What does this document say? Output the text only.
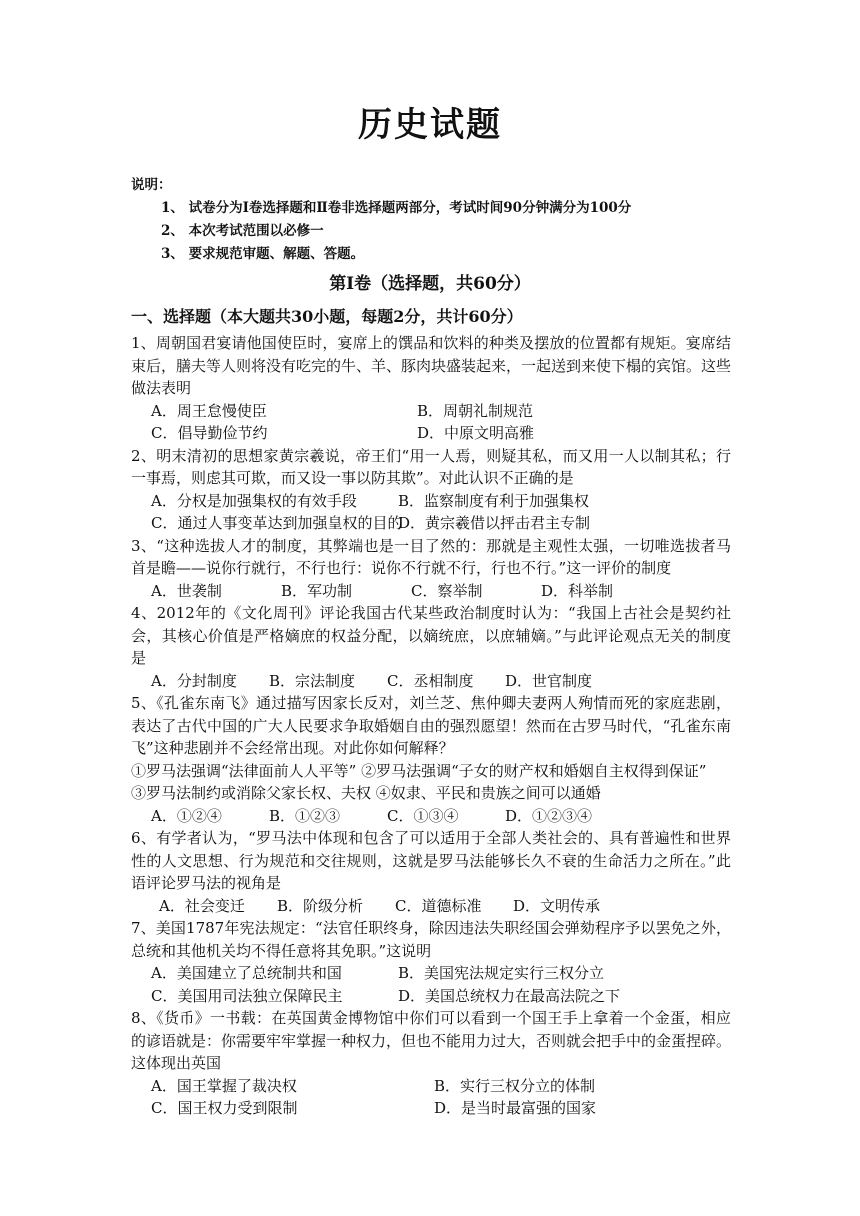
历史试题
说明：
1、 试卷分为Ⅰ卷选择题和Ⅱ卷非选择题两部分，考试时间90分钟满分为100分
2、 本次考试范围以必修一
3、 要求规范审题、解题、答题。
第Ⅰ卷（选择题，共60分）
一、选择题（本大题共30小题，每题2分，共计60分）
1、周朝国君宴请他国使臣时，宴席上的馔品和饮料的种类及摆放的位置都有规矩。宴席结束后，膳夫等人则将没有吃完的牛、羊、豚肉块盛装起来，一起送到来使下榻的宾馆。这些做法表明
A．周王怠慢使臣	B．周朝礼制规范
C．倡导勤俭节约	D．中原文明高雅
2、明末清初的思想家黄宗羲说，帝王们“用一人焉，则疑其私，而又用一人以制其私；行一事焉，则虑其可欺，而又设一事以防其欺”。对此认识不正确的是
A．分权是加强集权的有效手段	B．监察制度有利于加强集权
C．通过人事变革达到加强皇权的目的D．黄宗羲借以抨击君主专制
3、“这种选拔人才的制度，其弊端也是一目了然的：那就是主观性太强，一切唯选拔者马首是瞻——说你行就行，不行也行：说你不行就不行，行也不行。”这一评价的制度
A．世袭制	B．军功制	C．察举制	D．科举制
4、2012年的《文化周刊》评论我国古代某些政治制度时认为：“我国上古社会是契约社会，其核心价值是严格嫡庶的权益分配，以嫡统庶，以庶辅嫡。”与此评论观点无关的制度是
A．分封制度 B．宗法制度 C．丞相制度 D．世官制度
5、《孔雀东南飞》通过描写因家长反对，刘兰芝、焦仲卿夫妻两人殉情而死的家庭悲剧，表达了古代中国的广大人民要求争取婚姻自由的强烈愿望！然而在古罗马时代，“孔雀东南飞”这种悲剧并不会经常出现。对此你如何解释？
①罗马法强调“法律面前人人平等” ②罗马法强调“子女的财产权和婚姻自主权得到保证”
③罗马法制约或消除父家长权、夫权 ④奴隶、平民和贵族之间可以通婚
A．①②④	B．①②③	C．①③④	D．①②③④
6、有学者认为，“罗马法中体现和包含了可以适用于全部人类社会的、具有普遍性和世界性的人文思想、行为规范和交往规则，这就是罗马法能够长久不衰的生命活力之所在。”此语评论罗马法的视角是
A．社会变迁 B．阶级分析 C．道德标准 D．文明传承
7、美国1787年宪法规定：“法官任职终身，除因违法失职经国会弹劾程序予以罢免之外，总统和其他机关均不得任意将其免职。”这说明
A．美国建立了总统制共和国	B．美国宪法规定实行三权分立
C．美国用司法独立保障民主	D．美国总统权力在最高法院之下
8、《货币》一书载：在英国黄金博物馆中你们可以看到一个国王手上拿着一个金蛋，相应的谚语就是：你需要牢牢掌握一种权力，但也不能用力过大，否则就会把手中的金蛋捏碎。这体现出英国
A．国王掌握了裁决权	B．实行三权分立的体制
C．国王权力受到限制	D．是当时最富强的国家
